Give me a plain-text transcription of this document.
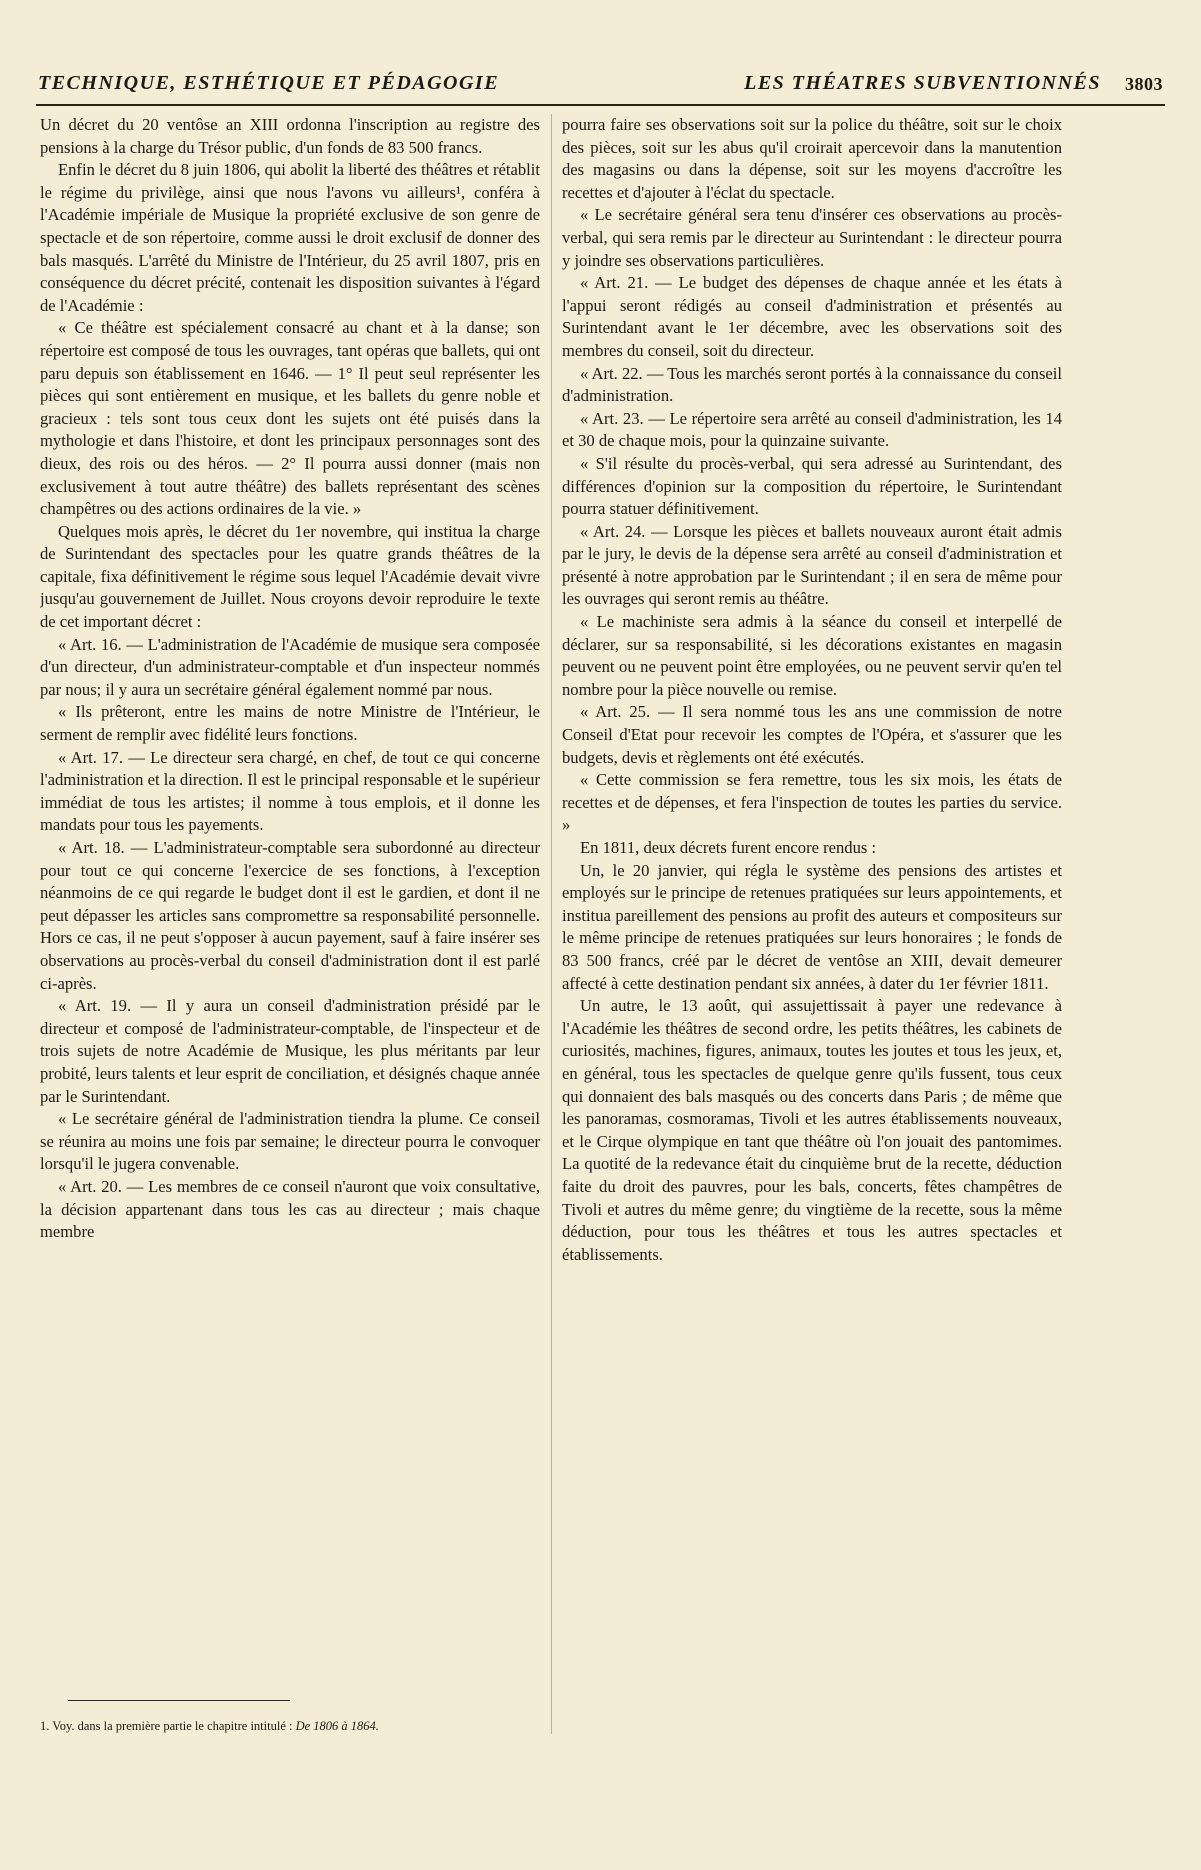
TECHNIQUE, ESTHÉTIQUE ET PÉDAGOGIE	LES THÉATRES SUBVENTIONNÉS 3803

Un décret du 20 ventôse an XIII ordonna l'inscription au registre des pensions à la charge du Trésor public, d'un fonds de 83 500 francs.

Enfin le décret du 8 juin 1806, qui abolit la liberté des théâtres et rétablit le régime du privilège, ainsi que nous l'avons vu ailleurs¹, conféra à l'Académie impériale de Musique la propriété exclusive de son genre de spectacle et de son répertoire, comme aussi le droit exclusif de donner des bals masqués. L'arrêté du Ministre de l'Intérieur, du 25 avril 1807, pris en conséquence du décret précité, contenait les disposition suivantes à l'égard de l'Académie :

« Ce théâtre est spécialement consacré au chant et à la danse; son répertoire est composé de tous les ouvrages, tant opéras que ballets, qui ont paru depuis son établissement en 1646. — 1° Il peut seul représenter les pièces qui sont entièrement en musique, et les ballets du genre noble et gracieux : tels sont tous ceux dont les sujets ont été puisés dans la mythologie et dans l'histoire, et dont les principaux personnages sont des dieux, des rois ou des héros. — 2° Il pourra aussi donner (mais non exclusivement à tout autre théâtre) des ballets représentant des scènes champêtres ou des actions ordinaires de la vie. »

Quelques mois après, le décret du 1er novembre, qui institua la charge de Surintendant des spectacles pour les quatre grands théâtres de la capitale, fixa définitivement le régime sous lequel l'Académie devait vivre jusqu'au gouvernement de Juillet. Nous croyons devoir reproduire le texte de cet important décret :

« Art. 16. — L'administration de l'Académie de musique sera composée d'un directeur, d'un administrateur-comptable et d'un inspecteur nommés par nous; il y aura un secrétaire général également nommé par nous.

« Ils prêteront, entre les mains de notre Ministre de l'Intérieur, le serment de remplir avec fidélité leurs fonctions.

« Art. 17. — Le directeur sera chargé, en chef, de tout ce qui concerne l'administration et la direction. Il est le principal responsable et le supérieur immédiat de tous les artistes; il nomme à tous emplois, et il donne les mandats pour tous les payements.

« Art. 18. — L'administrateur-comptable sera subordonné au directeur pour tout ce qui concerne l'exercice de ses fonctions, à l'exception néanmoins de ce qui regarde le budget dont il est le gardien, et dont il ne peut dépasser les articles sans compromettre sa responsabilité personnelle. Hors ce cas, il ne peut s'opposer à aucun payement, sauf à faire insérer ses observations au procès-verbal du conseil d'administration dont il est parlé ci-après.

« Art. 19. — Il y aura un conseil d'administration présidé par le directeur et composé de l'administrateur-comptable, de l'inspecteur et de trois sujets de notre Académie de Musique, les plus méritants par leur probité, leurs talents et leur esprit de conciliation, et désignés chaque année par le Surintendant.

« Le secrétaire général de l'administration tiendra la plume. Ce conseil se réunira au moins une fois par semaine; le directeur pourra le convoquer lorsqu'il le jugera convenable.

« Art. 20. — Les membres de ce conseil n'auront que voix consultative, la décision appartenant dans tous les cas au directeur ; mais chaque membre

pourra faire ses observations soit sur la police du théâtre, soit sur le choix des pièces, soit sur les abus qu'il croirait apercevoir dans la manutention des magasins ou dans la dépense, soit sur les moyens d'accroître les recettes et d'ajouter à l'éclat du spectacle.

« Le secrétaire général sera tenu d'insérer ces observations au procès-verbal, qui sera remis par le directeur au Surintendant : le directeur pourra y joindre ses observations particulières.

« Art. 21. — Le budget des dépenses de chaque année et les états à l'appui seront rédigés au conseil d'administration et présentés au Surintendant avant le 1er décembre, avec les observations soit des membres du conseil, soit du directeur.

« Art. 22. — Tous les marchés seront portés à la connaissance du conseil d'administration.

« Art. 23. — Le répertoire sera arrêté au conseil d'administration, les 14 et 30 de chaque mois, pour la quinzaine suivante.

« S'il résulte du procès-verbal, qui sera adressé au Surintendant, des différences d'opinion sur la composition du répertoire, le Surintendant pourra statuer définitivement.

« Art. 24. — Lorsque les pièces et ballets nouveaux auront était admis par le jury, le devis de la dépense sera arrêté au conseil d'administration et présenté à notre approbation par le Surintendant ; il en sera de même pour les ouvrages qui seront remis au théâtre.

« Le machiniste sera admis à la séance du conseil et interpellé de déclarer, sur sa responsabilité, si les décorations existantes en magasin peuvent ou ne peuvent point être employées, ou ne peuvent servir qu'en tel nombre pour la pièce nouvelle ou remise.

« Art. 25. — Il sera nommé tous les ans une commission de notre Conseil d'Etat pour recevoir les comptes de l'Opéra, et s'assurer que les budgets, devis et règlements ont été exécutés.

« Cette commission se fera remettre, tous les six mois, les états de recettes et de dépenses, et fera l'inspection de toutes les parties du service. »

En 1811, deux décrets furent encore rendus :

Un, le 20 janvier, qui régla le système des pensions des artistes et employés sur le principe de retenues pratiquées sur leurs appointements, et institua pareillement des pensions au profit des auteurs et compositeurs sur le même principe de retenues pratiquées sur leurs honoraires ; le fonds de 83 500 francs, créé par le décret de ventôse an XIII, devait demeurer affecté à cette destination pendant six années, à dater du 1er février 1811.

Un autre, le 13 août, qui assujettissait à payer une redevance à l'Académie les théâtres de second ordre, les petits théâtres, les cabinets de curiosités, machines, figures, animaux, toutes les joutes et tous les jeux, et, en général, tous les spectacles de quelque genre qu'ils fussent, tous ceux qui donnaient des bals masqués ou des concerts dans Paris ; de même que les panoramas, cosmoramas, Tivoli et les autres établissements nouveaux, et le Cirque olympique en tant que théâtre où l'on jouait des pantomimes. La quotité de la redevance était du cinquième brut de la recette, déduction faite du droit des pauvres, pour les bals, concerts, fêtes champêtres de Tivoli et autres du même genre; du vingtième de la recette, sous la même déduction, pour tous les théâtres et tous les autres spectacles et établissements.

1. Voy. dans la première partie le chapitre intitulé : De 1806 à 1864.
